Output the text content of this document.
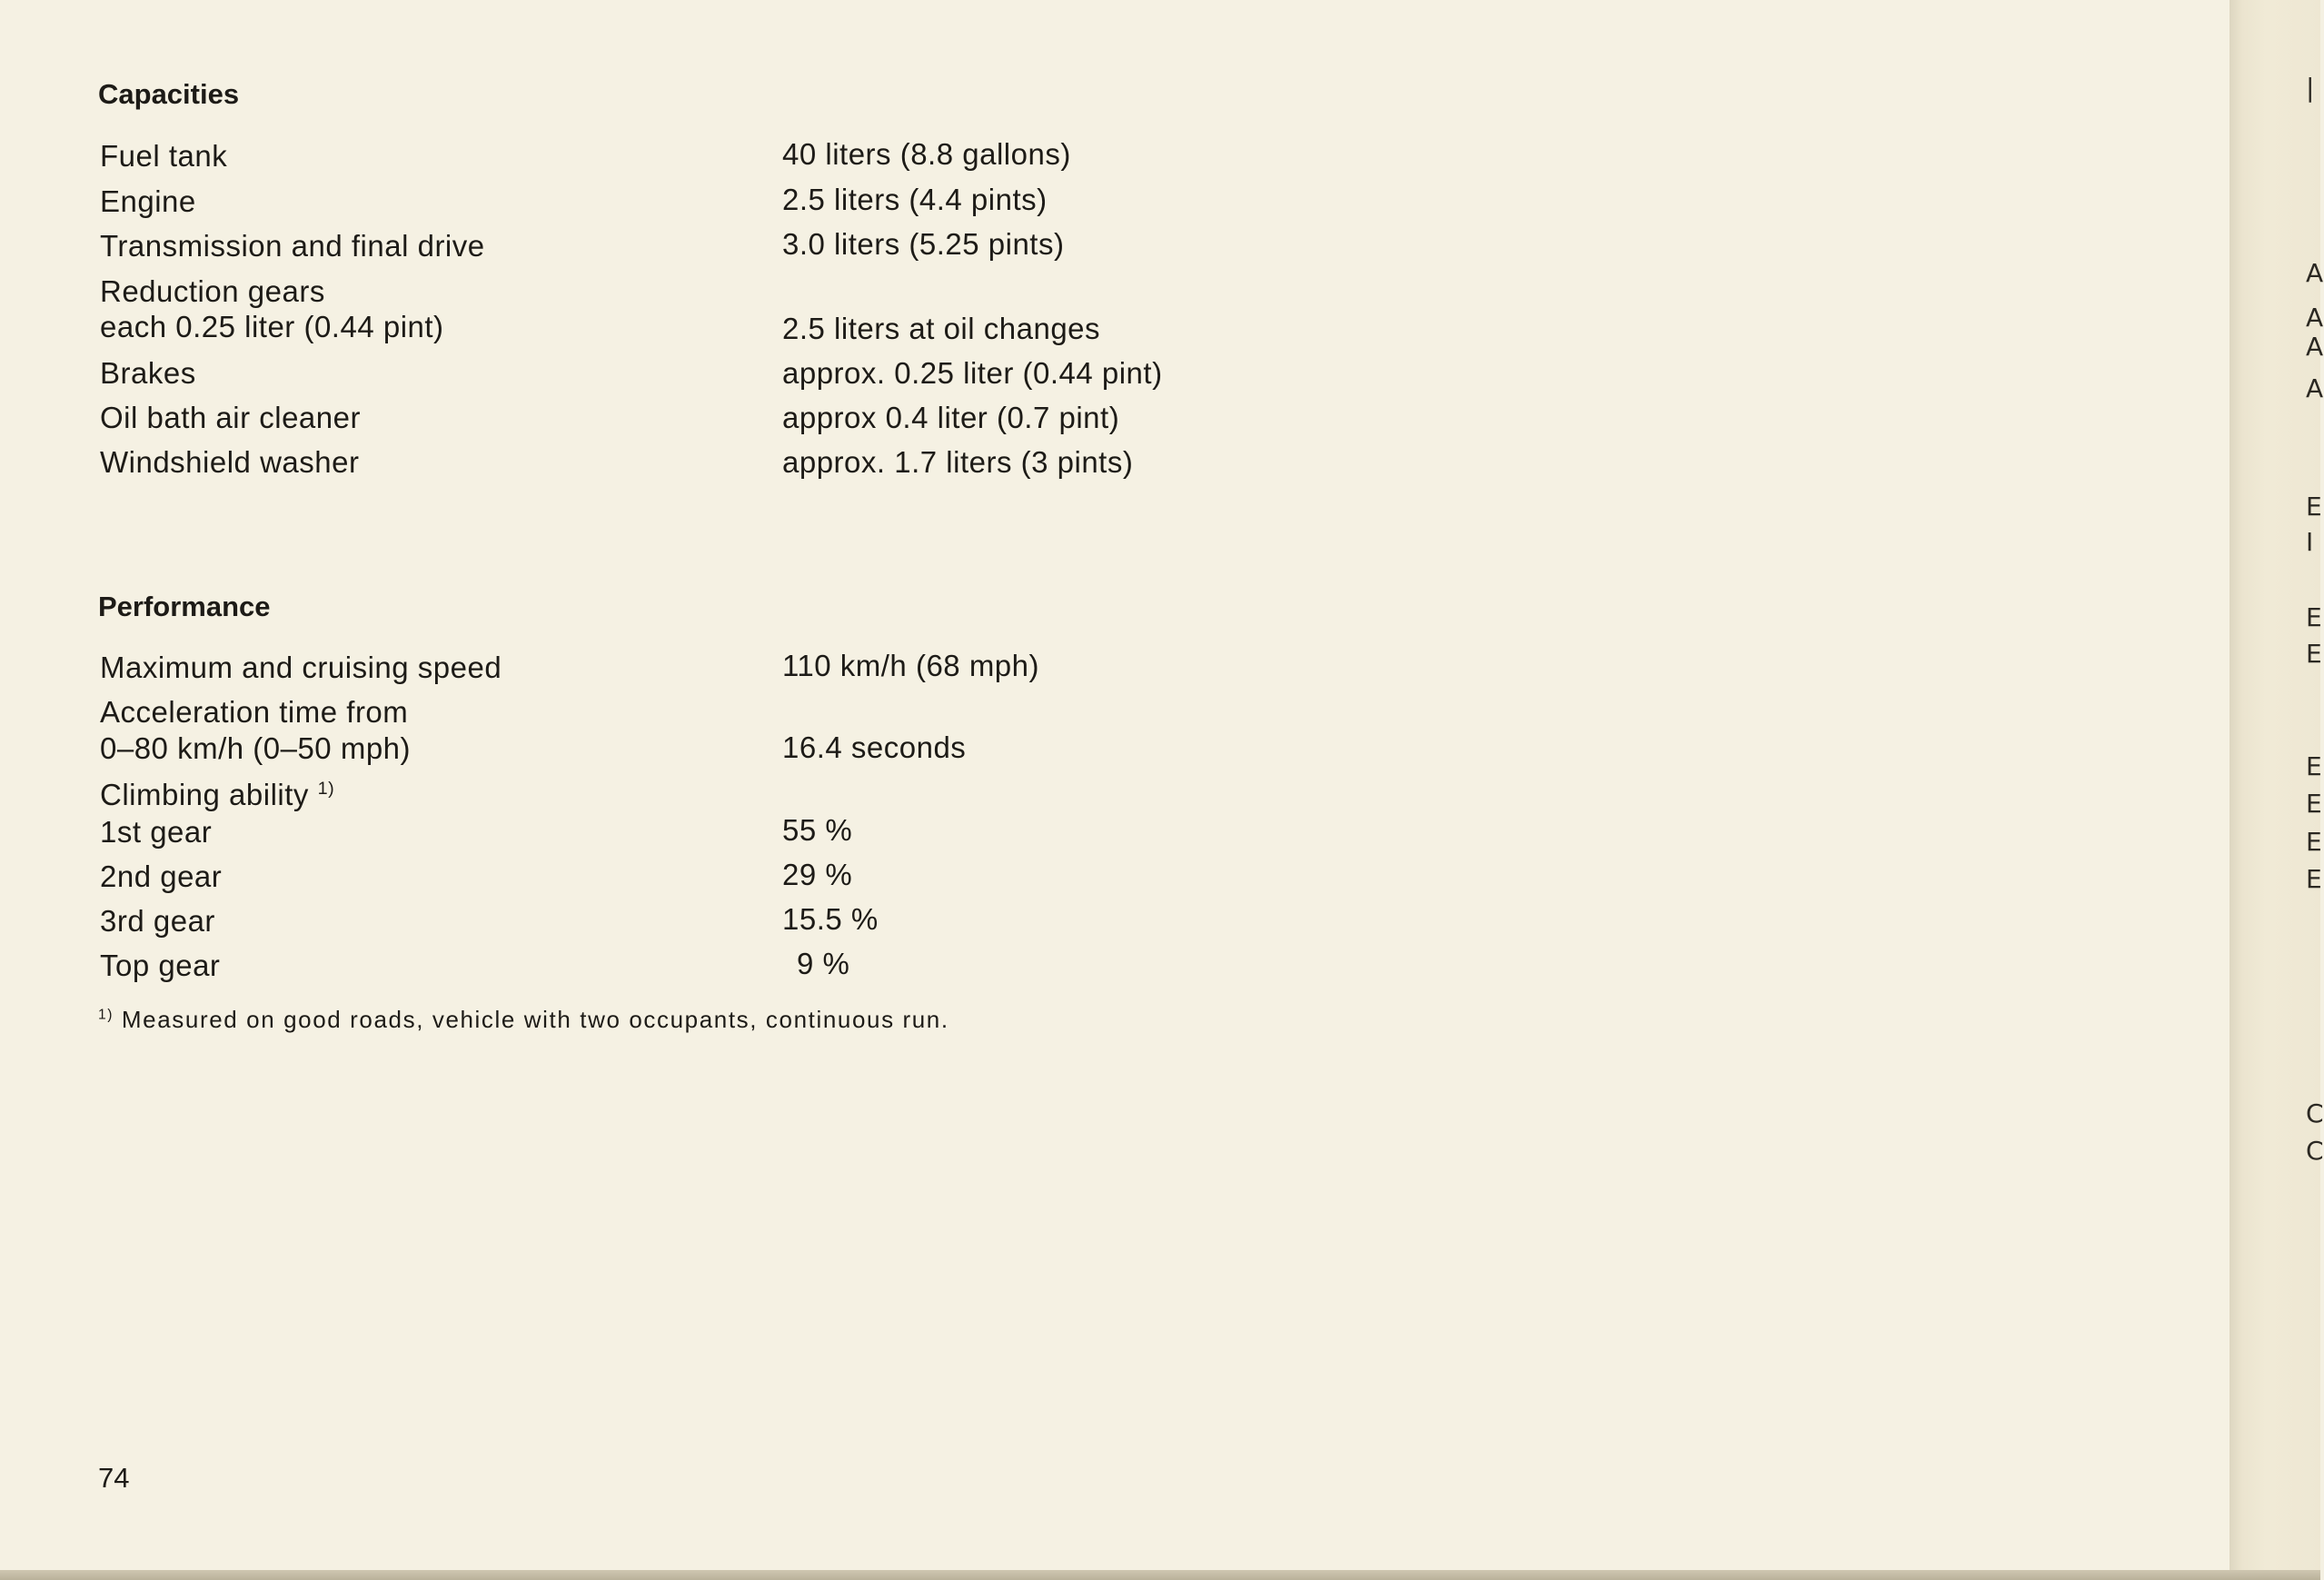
Capacities
Fuel tank	40 liters (8.8 gallons)
Engine	2.5 liters (4.4 pints)
Transmission and final drive	3.0 liters (5.25 pints)
Reduction gears
each 0.25 liter (0.44 pint)	2.5 liters at oil changes
Brakes	approx. 0.25 liter (0.44 pint)
Oil bath air cleaner	approx 0.4 liter (0.7 pint)
Windshield washer	approx. 1.7 liters (3 pints)
Performance
Maximum and cruising speed	110 km/h (68 mph)
Acceleration time from
0–80 km/h (0–50 mph)	16.4 seconds
Climbing ability $^{1)}$
1st gear	55 %
2nd gear	29 %
3rd gear	15.5 %
Top gear	9 %
$^{1)}$ Measured on good roads, vehicle with two occupants, continuous run.
74
|
A
A
A
A
E
I
E
E
E
E
E
E
C
C
